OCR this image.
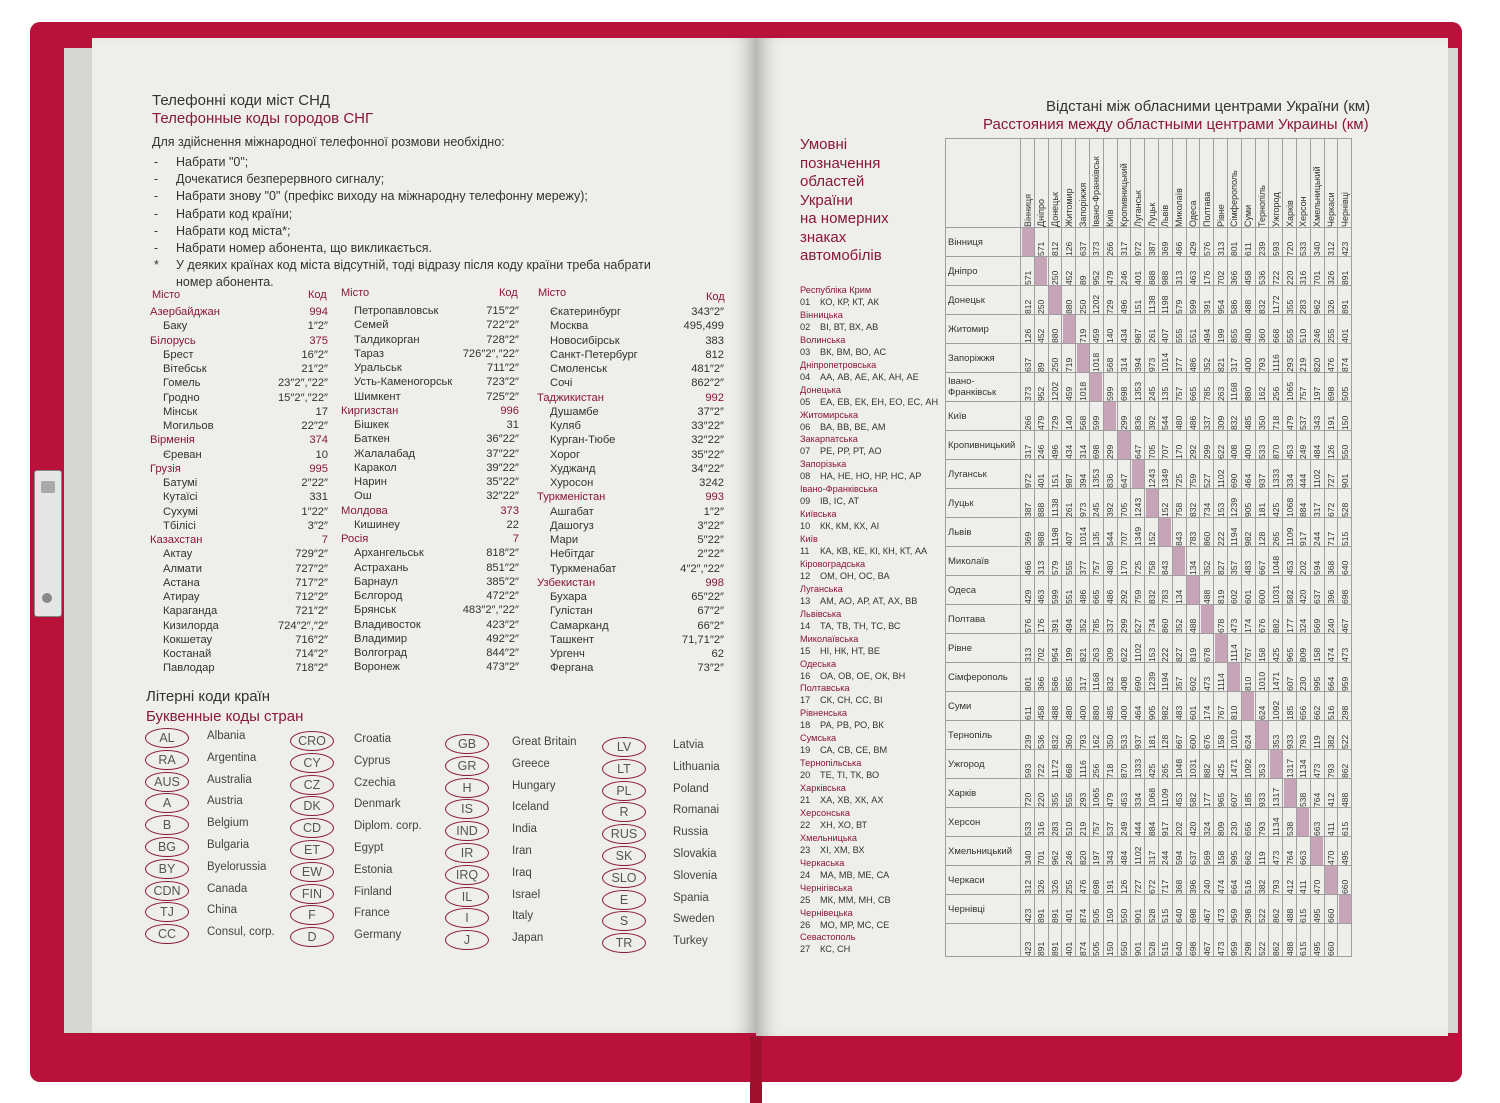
Телефонні коди міст СНД
Телефонные коды городов СНГ
Для здійснення міжнародної телефонної розмови необхідно:
- Набрати "0";
- Дочекатися безперервного сигналу;
- Набрати знову "0" (префікс виходу на міжнародну телефонну мережу);
- Набрати код країни;
- Набрати код міста*;
- Набрати номер абонента, що викликається.
* У деяких країнах код міста відсутній, тоді відразу після коду країни треба набрати
номер абонента.
Місто	Код Місто	Код Місто	Код
Азербайджан	994
Баку	1″2″
Білорусь	375
Брест	16″2″
Вітебськ	21″2″
Гомель	23″2″,″22″
Гродно	15″2″,″22″
Мінськ	17
Могильов	22″2″
Вірменія	374
Єреван	10
Грузія	995
Батумі	2″22″
Кутаїсі	331
Сухумі	1″22″
Тбілісі	3″2″
Казахстан	7
Актау	729″2″
Алмати	727″2″
Астана	717″2″
Атирау	712″2″
Караганда	721″2″
Кизилорда	724″2″,″2″
Кокшетау	716″2″
Костанай	714″2″
Павлодар	718″2″
Петропавловськ	715″2″
Семей	722″2″
Талдикорган	728″2″
Тараз	726″2″,″22″
Уральськ	711″2″
Усть-Каменогорськ	723″2″
Шимкент	725″2″
Киргизстан	996
Бішкек	31
Баткен	36″22″
Жалалабад	37″22″
Каракол	39″22″
Нарин	35″22″
Ош	32″22″
Молдова	373
Кишинеу	22
Росія	7
Архангельськ	818″2″
Астрахань	851″2″
Барнаул	385″2″
Бєлгород	472″2″
Брянськ	483″2″,″22″
Владивосток	423″2″
Владимир	492″2″
Волгоград	844″2″
Воронеж	473″2″
Єкатеринбург	343″2″
Москва	495,499
Новосибірськ	383
Санкт-Петербург	812
Смоленськ	481″2″
Сочі	862″2″
Таджикистан	992
Душамбе	37″2″
Куляб	33″22″
Курган-Тюбе	32″22″
Хорог	35″22″
Худжанд	34″22″
Хуросон	3242
Туркменістан	993
Ашгабат	1″2″
Дашогуз	3″22″
Мари	5″22″
Небітдаг	2″22″
Туркменабат	4″2″,″22″
Узбекистан	998
Бухара	65″22″
Гулістан	67″2″
Самарканд	66″2″
Ташкент	71,71″2″
Ургенч	62
Фергана	73″2″
Літерні коди країн
Буквенные коды стран
AL	Albania
RA	Argentina
AUS	Australia
A	Austria
B	Belgium
BG	Bulgaria
BY	Byelorussia
CDN	Canada
TJ	China
CC	Consul, corp.
CRO	Croatia
CY	Cyprus
CZ	Czechia
DK	Denmark
CD	Diplom. corp.
ET	Egypt
EW	Estonia
FIN	Finland
F	France
D	Germany
GB	Great Britain
GR	Greece
H	Hungary
IS	Iceland
IND	India
IR	Iran
IRQ	Iraq
IL	Israel
I	Italy
J	Japan
LV	Latvia
LT	Lithuania
PL	Poland
R	Romanai
RUS	Russia
SK	Slovakia
SLO	Slovenia
E	Spania
S	Sweden
TR	Turkey
Відстані між обласними центрами України (км)
Расстояния между областными центрами Украины (км)
Умовні
позначення
областей
України
на номерних
знаках
автомобілів
Республіка Крим
01 КО, КР, КТ, АК
Вінницька
02 ВІ, ВТ, ВХ, АВ
Волинська
03 ВК, ВМ, ВО, АС
Дніпропетровська
04 АА, АВ, АЕ, АК, АН, АЕ
Донецька
05 ЕА, ЕВ, ЕК, ЕН, ЕО, ЕС, АН
Житомирська
06 ВА, ВВ, ВЕ, АМ
Закарпатська
07 РЕ, РР, РТ, АО
Запорізька
08 НА, НЕ, НО, НР, НС, АР
Івано-Франківська
09 ІВ, ІС, АТ
Київська
10 КК, КМ, КХ, АІ
Київ
11 КА, КВ, КЕ, КІ, КН, КТ, АА
Кіровоградська
12 ОМ, ОН, ОС, ВА
Луганська
13 АМ, АО, АР, АТ, АХ, ВВ
Львівська
14 ТА, ТВ, ТН, ТС, ВС
Миколаївська
15 НІ, НК, НТ, ВЕ
Одеська
16 ОА, ОВ, ОЕ, ОК, ВН
Полтавська
17 СК, СН, СС, ВІ
Рівненська
18 РА, РВ, РО, ВК
Сумська
19 СА, СВ, СЕ, ВМ
Тернопільська
20 ТЕ, ТІ, ТК, ВО
Харківська
21 ХА, ХВ, ХК, АХ
Херсонська
22 ХН, ХО, ВТ
Хмельницька
23 ХІ, ХМ, ВХ
Черкаська
24 МА, МВ, МЕ, СА
Чернігівська
25 МК, ММ, МН, СВ
Чернівецька
26 МО, МР, МС, СЕ
Севастополь
27 КС, СН
	Вінниця	Дніпро	Донецьк	Житомир	Запоріжжя	Івано-Франківськ	Київ	Кропивницький	Луганськ	Луцьк	Львів	Миколаїв	Одеса	Полтава	Рівне	Сімферополь	Суми	Тернопіль	Ужгород	Харків	Херсон	Хмельницький	Черкаси	Чернівці
Вінниця		571	812	126	637	373	266	317	972	387	369	466	429	576	313	801	611	239	593	720	533	340	312	423
Дніпро	571		250	452	89	952	479	246	401	888	988	313	463	176	702	366	458	536	722	220	316	701	326	891
Донецьк	812	250		880	250	1202	729	496	151	1138	1198	579	599	391	954	586	488	832	1172	355	283	962	326	891
Житомир	126	452	880		719	459	140	434	987	261	407	555	551	494	199	855	480	360	668	555	510	246	255	401
Запоріжжя	637	89	250	719		1018	568	314	394	973	1014	377	486	352	821	317	400	793	1116	293	219	820	476	874
Івано-Франківськ	373	952	1202	459	1018		599	698	1353	245	135	757	665	785	263	1168	880	162	256	1065	757	197	698	505
Київ	266	479	729	140	568	599		299	836	392	544	480	486	337	309	832	485	350	718	479	537	343	191	150
Кропивницький	317	246	496	434	314	698	299		647	705	707	170	292	299	622	408	400	533	870	453	249	484	126	550
Луганськ	972	401	151	987	394	1353	836	647		1243	1349	725	759	527	1102	690	464	937	1333	334	444	1102	727	901
Луцьк	387	888	1138	261	973	245	392	705	1243		152	758	832	734	153	1239	905	181	425	1068	884	317	672	528
Львів	369	988	1198	407	1014	135	544	707	1349	152		843	783	860	222	1194	982	128	265	1109	917	244	717	515
Миколаїв	466	313	579	555	377	757	480	170	725	758	843		134	352	827	357	483	667	1048	453	202	594	368	640
Одеса	429	463	599	551	486	665	486	292	759	832	783	134		488	819	602	601	600	1031	582	420	637	396	698
Полтава	576	176	391	494	352	785	337	299	527	734	860	352	488		678	473	174	676	882	177	324	569	240	467
Рівне	313	702	954	199	821	263	309	622	1102	153	222	827	819	678		1114	767	158	425	965	809	158	474	473
Сімферополь	801	366	586	855	317	1168	832	408	690	1239	1194	357	602	473	1114		810	1010	1471	607	230	995	664	959
Суми	611	458	488	480	400	880	485	400	464	905	982	483	601	174	767	810		624	1092	185	656	662	516	298
Тернопіль	239	536	832	360	793	162	350	533	937	181	128	667	600	676	158	1010	624		353	933	793	119	382	522
Ужгород	593	722	1172	668	1116	256	718	870	1333	425	265	1048	1031	882	425	1471	1092	353		1317	1134	473	793	862
Харків	720	220	355	555	293	1065	479	453	334	1068	1109	453	582	177	965	607	185	933	1317		538	764	412	488
Херсон	533	316	283	510	219	757	537	249	444	884	917	202	420	324	809	230	656	793	1134	538		663	411	615
Хмельницький	340	701	962	246	820	197	343	484	1102	317	244	594	637	569	158	995	662	119	473	764	663		470	495
Черкаси	312	326	326	255	476	698	191	126	727	672	717	368	396	240	474	664	516	382	793	412	411	470		660
Чернівці	423	891	891	401	874	505	150	550	901	528	515	640	698	467	473	959	298	522	862	488	615	495	660	
	423	891	891	401	874	505	150	550	901	528	515	640	698	467	473	959	298	522	862	488	615	495	660	
